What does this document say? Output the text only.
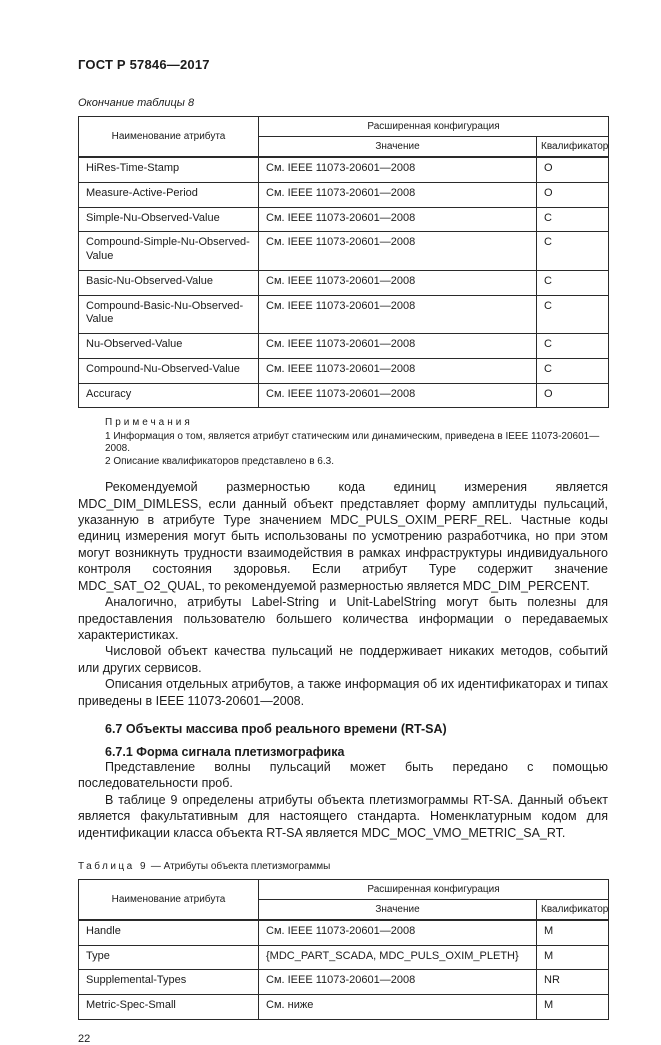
ГОСТ Р 57846—2017
Окончание таблицы 8
Наименование атрибута	Расширенная конфигурация	
	Значение	Квалификатор
HiRes-Time-Stamp	См. IEEE 11073-20601—2008	O
Measure-Active-Period	См. IEEE 11073-20601—2008	O
Simple-Nu-Observed-Value	См. IEEE 11073-20601—2008	C
Compound-Simple-Nu-Observed-Value	См. IEEE 11073-20601—2008	C
Basic-Nu-Observed-Value	См. IEEE 11073-20601—2008	C
Compound-Basic-Nu-Observed-Value	См. IEEE 11073-20601—2008	C
Nu-Observed-Value	См. IEEE 11073-20601—2008	C
Compound-Nu-Observed-Value	См. IEEE 11073-20601—2008	C
Accuracy	См. IEEE 11073-20601—2008	O
Примечания
1 Информация о том, является атрибут статическим или динамическим, приведена в IEEE 11073-20601—2008.
2 Описание квалификаторов представлено в 6.3.

Рекомендуемой размерностью кода единиц измерения является MDC_DIM_DIMLESS, если данный объект представляет форму амплитуды пульсаций, указанную в атрибуте Type значением MDC_PULS_OXIM_PERF_REL. Частные коды единиц измерения могут быть использованы по усмотрению разработчика, но при этом могут возникнуть трудности взаимодействия в рамках инфраструктуры индивидуального контроля состояния здоровья. Если атрибут Type содержит значение MDC_SAT_O2_QUAL, то рекомендуемой размерностью является MDC_DIM_PERCENT.

Аналогично, атрибуты Label-String и Unit-LabelString могут быть полезны для предоставления пользователю большего количества информации о передаваемых характеристиках.

Числовой объект качества пульсаций не поддерживает никаких методов, событий или других сервисов.

Описания отдельных атрибутов, а также информация об их идентификаторах и типах приведены в IEEE 11073-20601—2008.

6.7 Объекты массива проб реального времени (RT-SA)
6.7.1 Форма сигнала плетизмографика

Представление волны пульсаций может быть передано с помощью последовательности проб.

В таблице 9 определены атрибуты объекта плетизмограммы RT-SA. Данный объект является факультативным для настоящего стандарта. Номенклатурным кодом для идентификации класса объекта RT-SA является MDC_MOC_VMO_METRIC_SA_RT.

Таблица 9 — Атрибуты объекта плетизмограммы
Наименование атрибута	Расширенная конфигурация	
	Значение	Квалификатор
Handle	См. IEEE 11073-20601—2008	M
Type	{MDC_PART_SCADA, MDC_PULS_OXIM_PLETH}	M
Supplemental-Types	См. IEEE 11073-20601—2008	NR
Metric-Spec-Small	См. ниже	M
22
